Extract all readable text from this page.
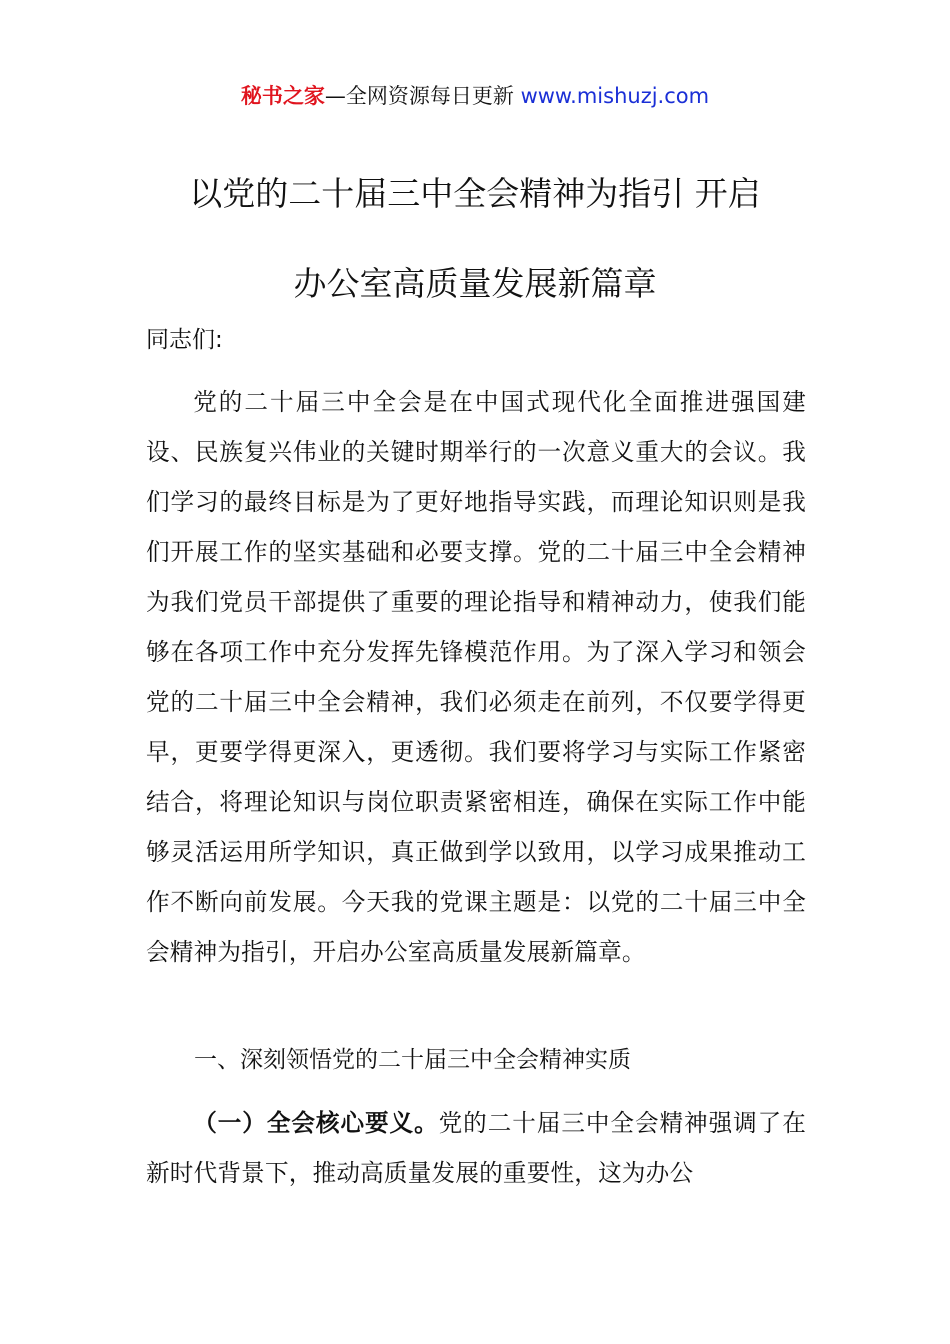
秘书之家—全网资源每日更新 www.mishuzj.com
以党的二十届三中全会精神为指引 开启
办公室高质量发展新篇章
同志们:
党的二十届三中全会是在中国式现代化全面推进强国建设、民族复兴伟业的关键时期举行的一次意义重大的会议。我们学习的最终目标是为了更好地指导实践，而理论知识则是我们开展工作的坚实基础和必要支撑。党的二十届三中全会精神为我们党员干部提供了重要的理论指导和精神动力，使我们能够在各项工作中充分发挥先锋模范作用。为了深入学习和领会党的二十届三中全会精神，我们必须走在前列，不仅要学得更早，更要学得更深入，更透彻。我们要将学习与实际工作紧密结合，将理论知识与岗位职责紧密相连，确保在实际工作中能够灵活运用所学知识，真正做到学以致用，以学习成果推动工作不断向前发展。今天我的党课主题是：以党的二十届三中全会精神为指引，开启办公室高质量发展新篇章。
一、深刻领悟党的二十届三中全会精神实质
（一）全会核心要义。党的二十届三中全会精神强调了在新时代背景下，推动高质量发展的重要性，这为办公
